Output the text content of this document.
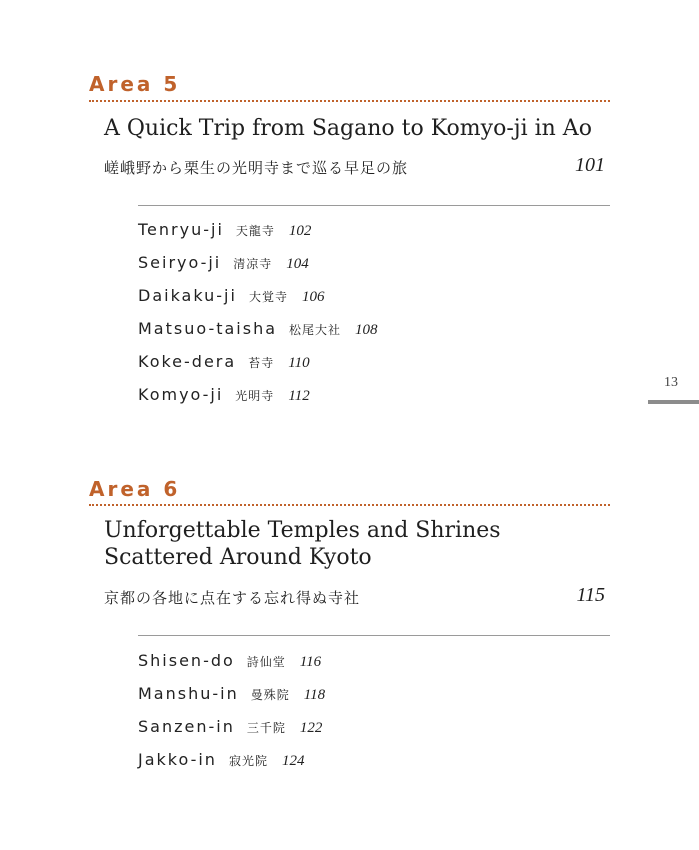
Area 5
A Quick Trip from Sagano to Komyo-ji in Ao
嵯峨野から栗生の光明寺まで巡る早足の旅	101
Tenryu-ji 天龍寺 102
Seiryo-ji 清凉寺 104
Daikaku-ji 大覚寺 106
Matsuo-taisha 松尾大社 108
Koke-dera 苔寺 110
Komyo-ji 光明寺 112
Area 6
Unforgettable Temples and Shrines Scattered Around Kyoto
京都の各地に点在する忘れ得ぬ寺社	115
Shisen-do 詩仙堂 116
Manshu-in 曼殊院 118
Sanzen-in 三千院 122
Jakko-in 寂光院 124
13
